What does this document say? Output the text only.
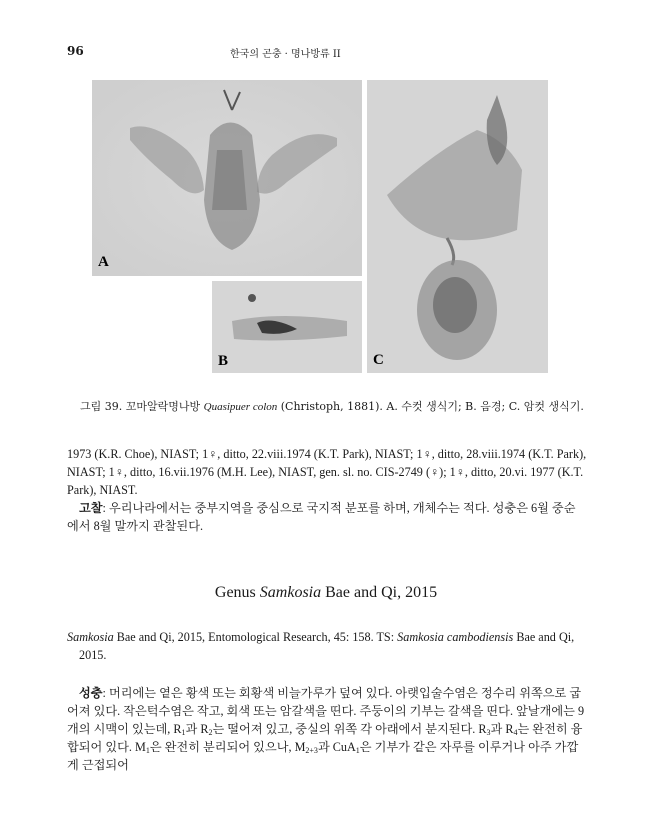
96	한국의 곤충 · 명나방류 II
A
B	C
그림 39. 꼬마알락명나방 Quasipuer colon (Christoph, 1881). A. 수컷 생식기; B. 음경; C. 암컷 생식기.
1973 (K.R. Choe), NIAST; 1♀, ditto, 22.viii.1974 (K.T. Park), NIAST; 1♀, ditto, 28.viii.1974 (K.T. Park), NIAST; 1♀, ditto, 16.vii.1976 (M.H. Lee), NIAST, gen. sl. no. CIS-2749 (♀); 1♀, ditto, 20.vi. 1977 (K.T. Park), NIAST.
고찰: 우리나라에서는 중부지역을 중심으로 국지적 분포를 하며, 개체수는 적다. 성충은 6월 중순에서 8월 말까지 관찰된다.
Genus Samkosia Bae and Qi, 2015
Samkosia Bae and Qi, 2015, Entomological Research, 45: 158. TS: Samkosia cambodiensis Bae and Qi, 2015.
성충: 머리에는 옅은 황색 또는 회황색 비늘가루가 덮여 있다. 아랫입술수염은 정수리 위쪽으로 굽어져 있다. 작은턱수염은 작고, 회색 또는 암갈색을 띤다. 주둥이의 기부는 갈색을 띤다. 앞날개에는 9개의 시맥이 있는데, $R_1$과 $R_2$는 떨어져 있고, 중실의 위쪽 각 아래에서 분지된다. $R_3$과 $R_4$는 완전히 융합되어 있다. $M_1$은 완전히 분리되어 있으나, $M_{2+3}$과 CuA$_1$은 기부가 같은 자루를 이루거나 아주 가깝게 근접되어
